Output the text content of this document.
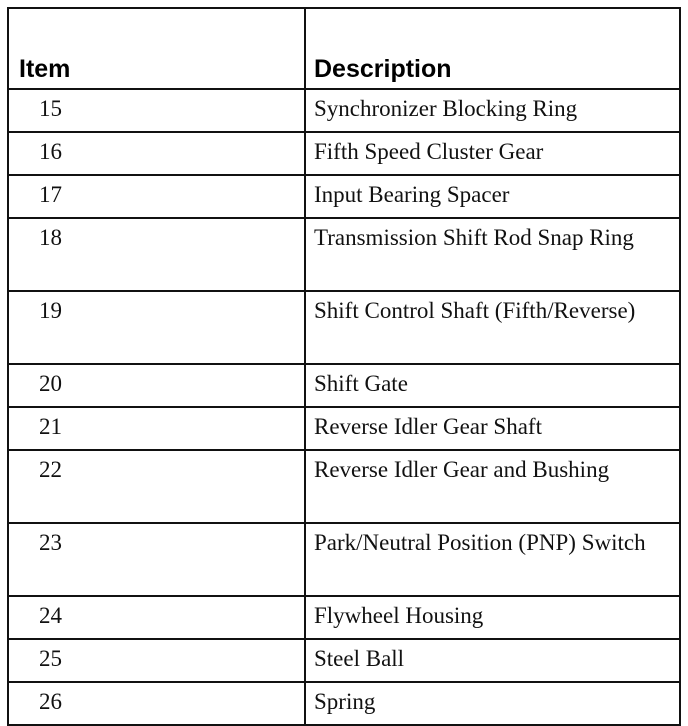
Item	Description
15	Synchronizer Blocking Ring
16	Fifth Speed Cluster Gear
17	Input Bearing Spacer
18	Transmission Shift Rod Snap Ring
19	Shift Control Shaft (Fifth/Reverse)
20	Shift Gate
21	Reverse Idler Gear Shaft
22	Reverse Idler Gear and Bushing
23	Park/Neutral Position (PNP) Switch
24	Flywheel Housing
25	Steel Ball
26	Spring
